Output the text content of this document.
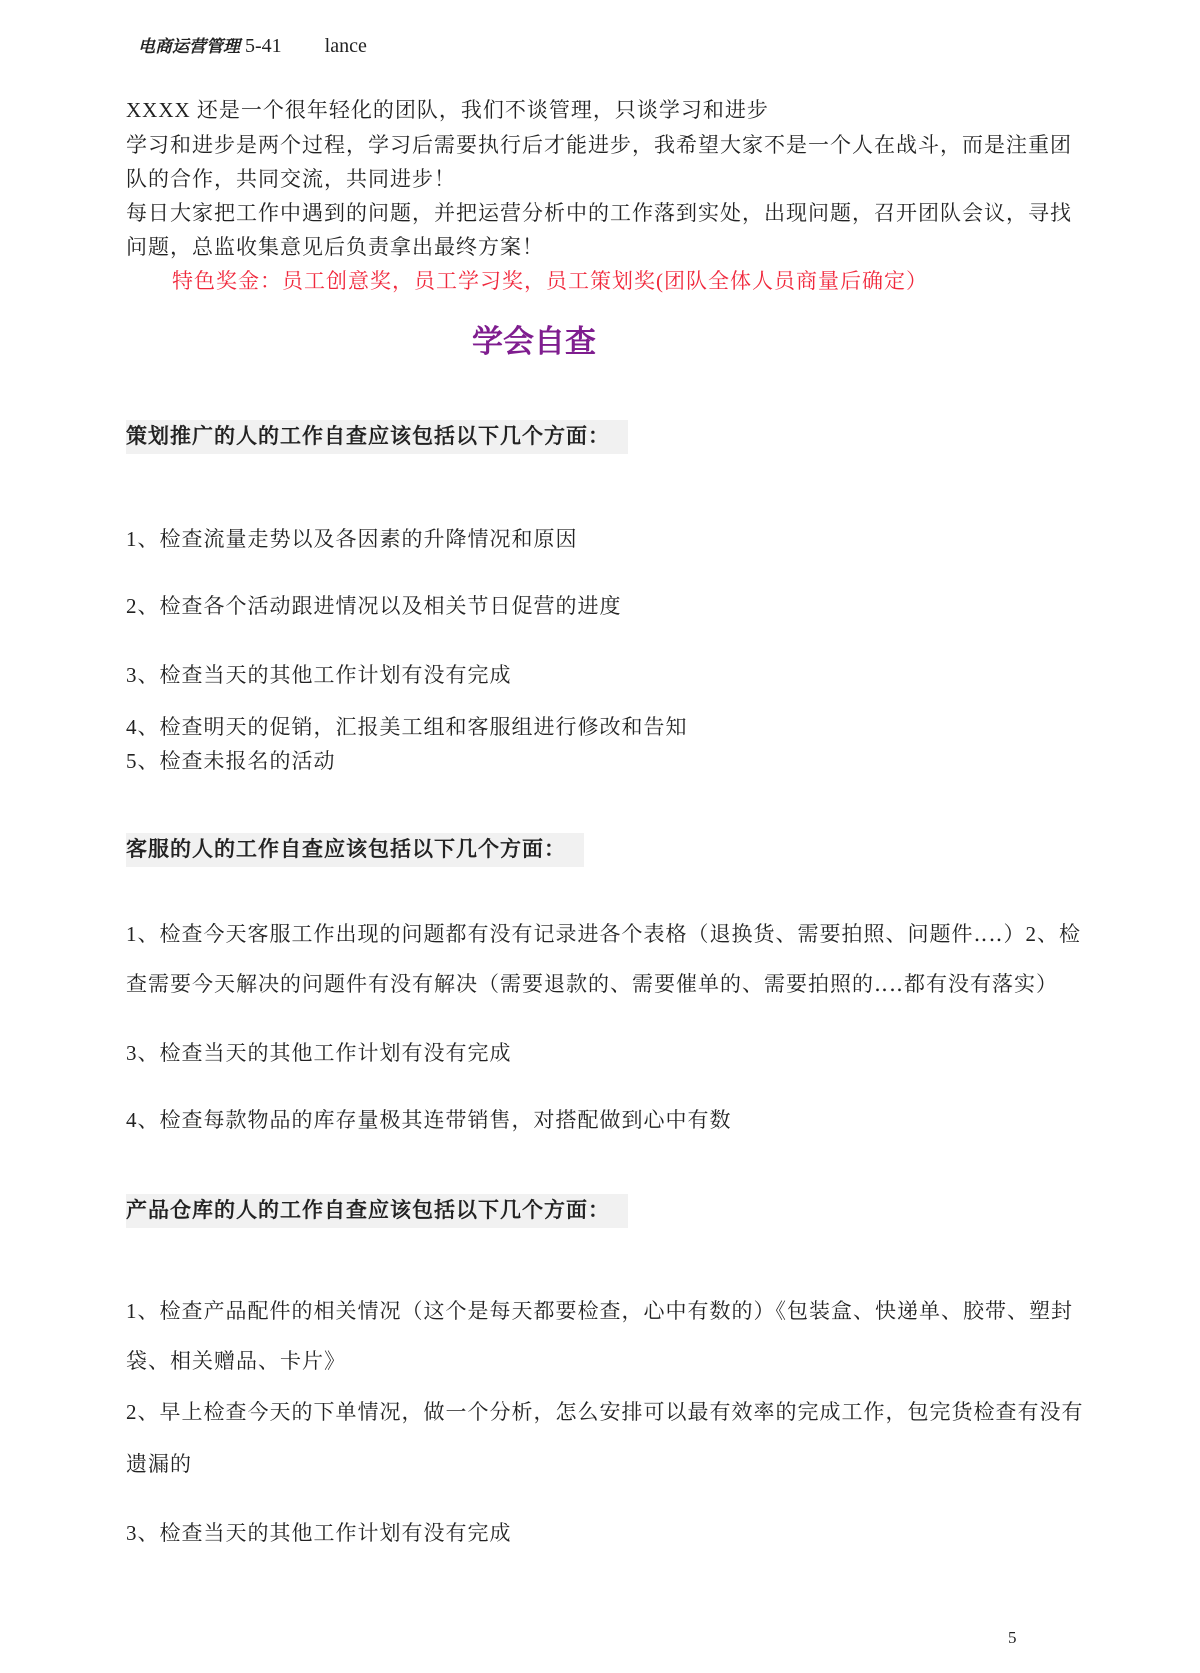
电商运营管理 5-41 lance
XXXX 还是一个很年轻化的团队，我们不谈管理，只谈学习和进步
学习和进步是两个过程，学习后需要执行后才能进步，我希望大家不是一个人在战斗，而是注重团
队的合作，共同交流，共同进步！
每日大家把工作中遇到的问题，并把运营分析中的工作落到实处，出现问题，召开团队会议，寻找
问题，总监收集意见后负责拿出最终方案！
特色奖金：员工创意奖，员工学习奖，员工策划奖(团队全体人员商量后确定）
学会自查
策划推广的人的工作自查应该包括以下几个方面：
1、检查流量走势以及各因素的升降情况和原因
2、检查各个活动跟进情况以及相关节日促营的进度
3、检查当天的其他工作计划有没有完成
4、检查明天的促销，汇报美工组和客服组进行修改和告知
5、检查未报名的活动
客服的人的工作自查应该包括以下几个方面：
1、检查今天客服工作出现的问题都有没有记录进各个表格（退换货、需要拍照、问题件‥‥）2、检
查需要今天解决的问题件有没有解决（需要退款的、需要催单的、需要拍照的‥‥都有没有落实）
3、检查当天的其他工作计划有没有完成
4、检查每款物品的库存量极其连带销售，对搭配做到心中有数
产品仓库的人的工作自查应该包括以下几个方面：
1、检查产品配件的相关情况（这个是每天都要检查，心中有数的）《包装盒、快递单、胶带、塑封
袋、相关赠品、卡片》
2、早上检查今天的下单情况，做一个分析，怎么安排可以最有效率的完成工作，包完货检查有没有
遗漏的
3、检查当天的其他工作计划有没有完成
5
